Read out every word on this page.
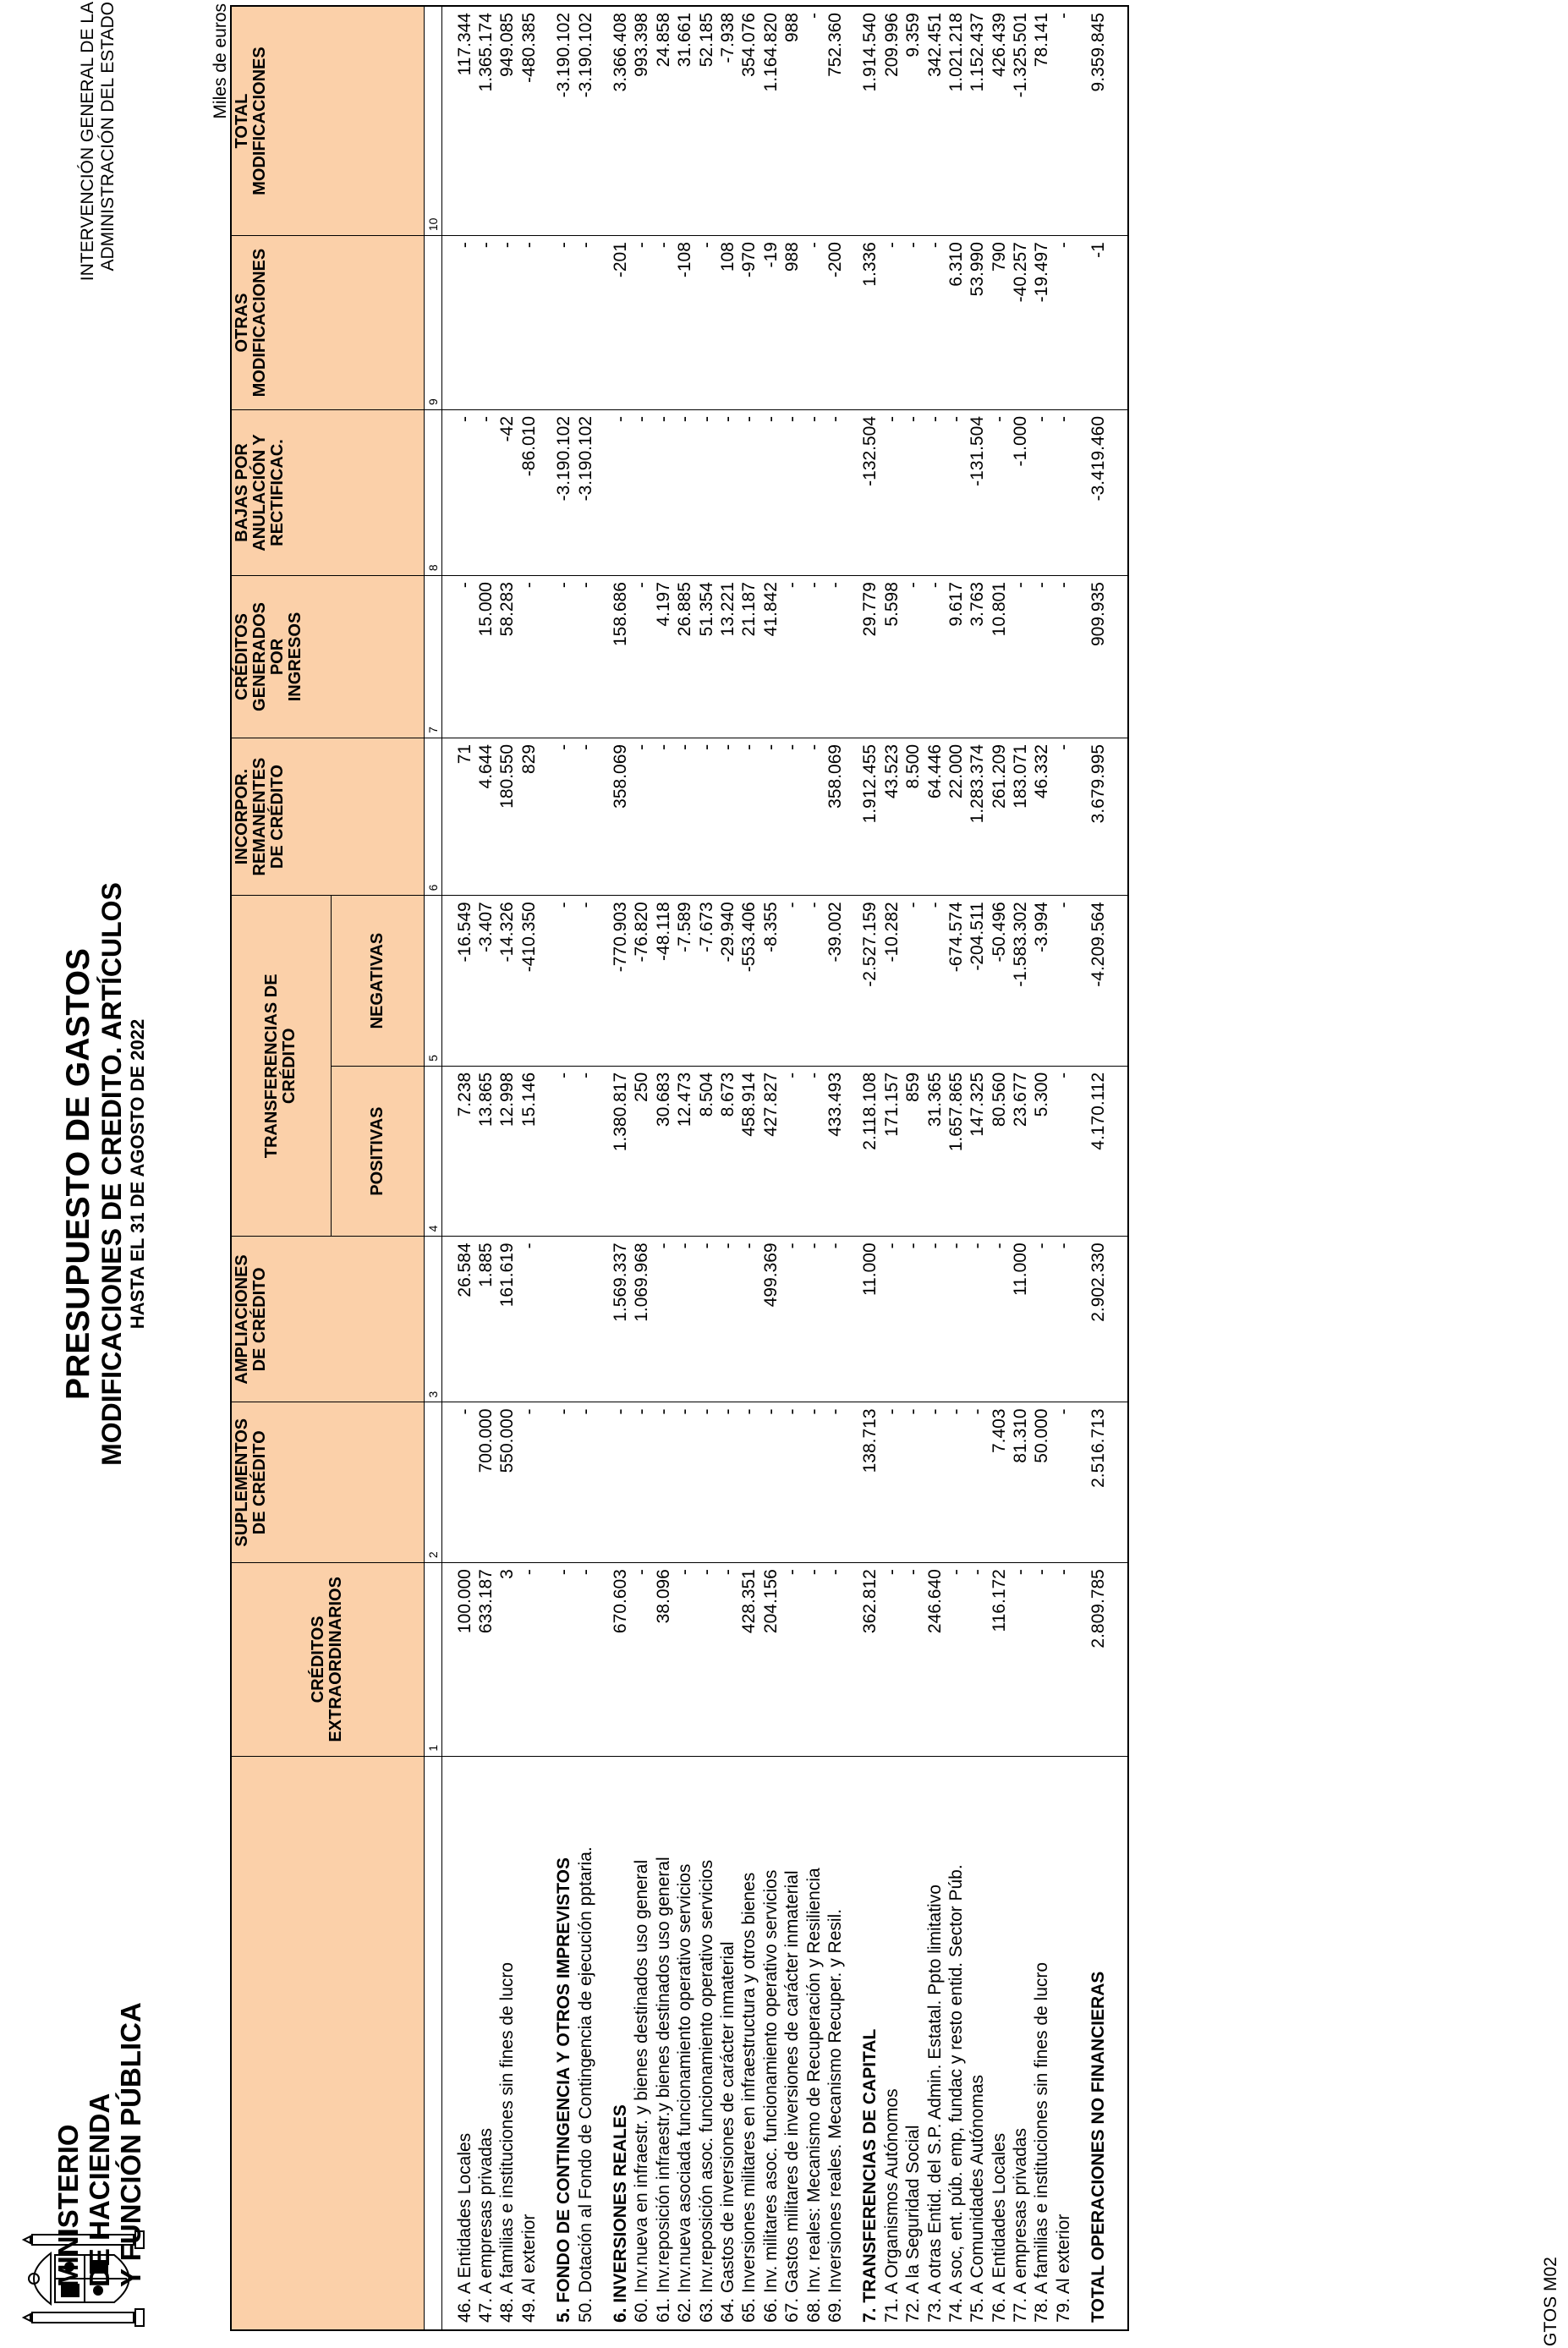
MINISTERIO DE HACIENDA Y FUNCIÓN PÚBLICA
PRESUPUESTO DE GASTOS MODIFICACIONES DE CREDITO. ARTÍCULOS HASTA EL 31 DE AGOSTO DE 2022
INTERVENCIÓN GENERAL DE LA ADMINISTRACIÓN DEL ESTADO	Miles de euros
	CRÉDITOS
EXTRAORDINARIOS	SUPLEMENTOS
DE CRÉDITO	AMPLIACIONES
DE CRÉDITO	TRANSFERENCIAS DE
CRÉDITO		INCORPOR.
REMANENTES
DE CRÉDITO	CRÉDITOS
GENERADOS
POR
INGRESOS	BAJAS POR
ANULACIÓN Y
RECTIFICAC.	OTRAS
MODIFICACIONES	TOTAL
MODIFICACIONES
				POSITIVAS	NEGATIVAS					
	1	2	3	4	5	6	7	8	9	10

46. A Entidades Locales	100.000	-	26.584	7.238	-16.549	71	-	-	-	117.344
47. A empresas privadas	633.187	700.000	1.885	13.865	-3.407	4.644	15.000	-	-	1.365.174
48. A familias e instituciones sin fines de lucro	3	550.000	161.619	12.998	-14.326	180.550	58.283	-42	-	949.085
49. Al exterior	-	-	-	15.146	-410.350	829	-	-86.010	-	-480.385

5. FONDO DE CONTINGENCIA Y OTROS IMPREVISTOS	-	-		-	-	-	-	-3.190.102	-	-3.190.102
50. Dotación al Fondo de Contingencia de ejecución pptaria.	-	-		-	-	-	-	-3.190.102	-	-3.190.102

6. INVERSIONES REALES	670.603	-	1.569.337	1.380.817	-770.903	358.069	158.686	-	-201	3.366.408
60. Inv.nueva en infraestr. y bienes destinados uso general	-	-	1.069.968	250	-76.820	-	-	-	-	993.398
61. Inv.reposición infraestr.y bienes destinados uso general	38.096	-	-	30.683	-48.118	-	4.197	-	-	24.858
62. Inv.nueva asociada funcionamiento operativo servicios	-	-	-	12.473	-7.589	-	26.885	-	-108	31.661
63. Inv.reposición asoc. funcionamiento operativo servicios	-	-	-	8.504	-7.673	-	51.354	-	-	52.185
64. Gastos de inversiones de carácter inmaterial	-	-	-	8.673	-29.940	-	13.221	-	108	-7.938
65. Inversiones militares en infraestructura y otros bienes	428.351	-	-	458.914	-553.406	-	21.187	-	-970	354.076
66. Inv. militares asoc. funcionamiento operativo servicios	204.156	-	499.369	427.827	-8.355	-	41.842	-	-19	1.164.820
67. Gastos militares de inversiones de carácter inmaterial	-	-	-	-	-	-	-	-	988	988
68. Inv. reales: Mecanismo de Recuperación y Resiliencia	-	-	-	-	-	-	-	-	-	-
69. Inversiones reales. Mecanismo Recuper. y Resil.	-	-	-	433.493	-39.002	358.069	-	-	-200	752.360

7. TRANSFERENCIAS DE CAPITAL	362.812	138.713	11.000	2.118.108	-2.527.159	1.912.455	29.779	-132.504	1.336	1.914.540
71. A Organismos Autónomos	-	-	-	171.157	-10.282	43.523	5.598	-	-	209.996
72. A la Seguridad Social	-	-	-	859	-	8.500	-	-	-	9.359
73. A otras Entid. del S.P. Admin. Estatal. Ppto limitativo	246.640	-	-	31.365	-	64.446	-	-	-	342.451
74. A soc, ent. púb. emp, fundac y resto entid. Sector Púb.	-	-	-	1.657.865	-674.574	22.000	9.617	-	6.310	1.021.218
75. A Comunidades Autónomas	-	-	-	147.325	-204.511	1.283.374	3.763	-131.504	53.990	1.152.437
76. A Entidades Locales	116.172	7.403	-	80.560	-50.496	261.209	10.801	-	790	426.439
77. A empresas privadas	-	81.310	11.000	23.677	-1.583.302	183.071	-	-1.000	-40.257	-1.325.501
78. A familias e instituciones sin fines de lucro	-	50.000	-	5.300	-3.994	46.332	-	-	-19.497	78.141
79. Al exterior	-	-	-	-	-	-	-	-	-	-

TOTAL OPERACIONES NO FINANCIERAS	2.809.785	2.516.713	2.902.330	4.170.112	-4.209.564	3.679.995	909.935	-3.419.460	-1	9.359.845

GTOS M02
